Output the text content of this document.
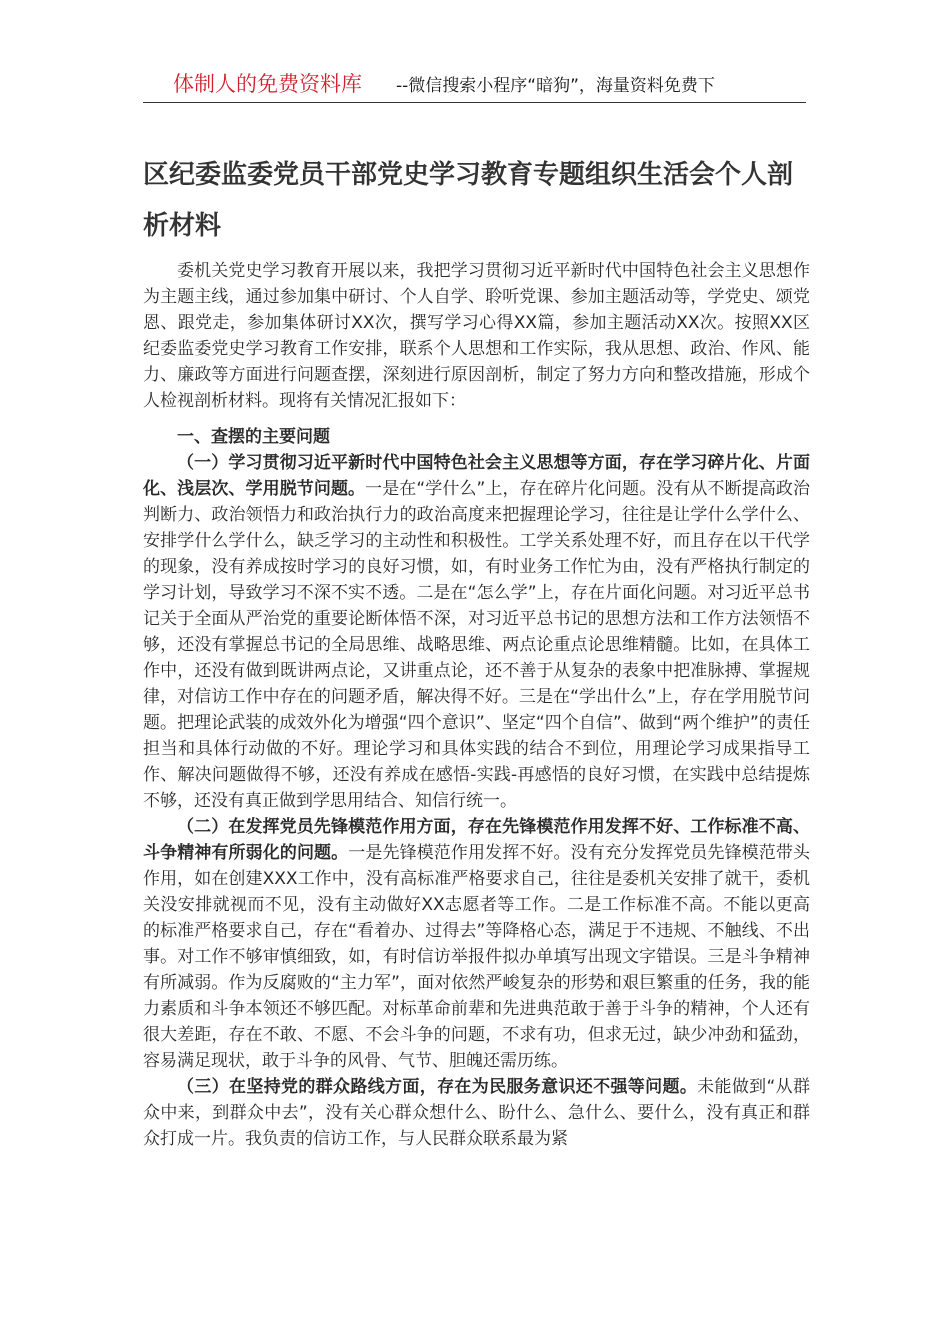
体制人的免费资料库 --微信搜索小程序“暗狗”，海量资料免费下
区纪委监委党员干部党史学习教育专题组织生活会个人剖析材料

委机关党史学习教育开展以来，我把学习贯彻习近平新时代中国特色社会主义思想作为主题主线，通过参加集中研讨、个人自学、聆听党课、参加主题活动等，学党史、颂党恩、跟党走，参加集体研讨XX次，撰写学习心得XX篇，参加主题活动XX次。按照XX区纪委监委党史学习教育工作安排，联系个人思想和工作实际，我从思想、政治、作风、能力、廉政等方面进行问题查摆，深刻进行原因剖析，制定了努力方向和整改措施，形成个人检视剖析材料。现将有关情况汇报如下：

一、查摆的主要问题

（一）学习贯彻习近平新时代中国特色社会主义思想等方面，存在学习碎片化、片面化、浅层次、学用脱节问题。一是在“学什么”上，存在碎片化问题。没有从不断提高政治判断力、政治领悟力和政治执行力的政治高度来把握理论学习，往往是让学什么学什么、安排学什么学什么，缺乏学习的主动性和积极性。工学关系处理不好，而且存在以干代学的现象，没有养成按时学习的良好习惯，如，有时业务工作忙为由，没有严格执行制定的学习计划，导致学习不深不实不透。二是在“怎么学”上，存在片面化问题。对习近平总书记关于全面从严治党的重要论断体悟不深，对习近平总书记的思想方法和工作方法领悟不够，还没有掌握总书记的全局思维、战略思维、两点论重点论思维精髓。比如，在具体工作中，还没有做到既讲两点论，又讲重点论，还不善于从复杂的表象中把准脉搏、掌握规律，对信访工作中存在的问题矛盾，解决得不好。三是在“学出什么”上，存在学用脱节问题。把理论武装的成效外化为增强“四个意识”、坚定“四个自信”、做到“两个维护”的责任担当和具体行动做的不好。理论学习和具体实践的结合不到位，用理论学习成果指导工作、解决问题做得不够，还没有养成在感悟-实践-再感悟的良好习惯，在实践中总结提炼不够，还没有真正做到学思用结合、知信行统一。

（二）在发挥党员先锋模范作用方面，存在先锋模范作用发挥不好、工作标准不高、斗争精神有所弱化的问题。一是先锋模范作用发挥不好。没有充分发挥党员先锋模范带头作用，如在创建XXX工作中，没有高标准严格要求自己，往往是委机关安排了就干，委机关没安排就视而不见，没有主动做好XX志愿者等工作。二是工作标准不高。不能以更高的标准严格要求自己，存在“看着办、过得去”等降格心态，满足于不违规、不触线、不出事。对工作不够审慎细致，如，有时信访举报件拟办单填写出现文字错误。三是斗争精神有所减弱。作为反腐败的“主力军”，面对依然严峻复杂的形势和艰巨繁重的任务，我的能力素质和斗争本领还不够匹配。对标革命前辈和先进典范敢于善于斗争的精神，个人还有很大差距，存在不敢、不愿、不会斗争的问题，不求有功，但求无过，缺少冲劲和猛劲，容易满足现状，敢于斗争的风骨、气节、胆魄还需历练。

（三）在坚持党的群众路线方面，存在为民服务意识还不强等问题。未能做到“从群众中来，到群众中去”，没有关心群众想什么、盼什么、急什么、要什么，没有真正和群众打成一片。我负责的信访工作，与人民群众联系最为紧
